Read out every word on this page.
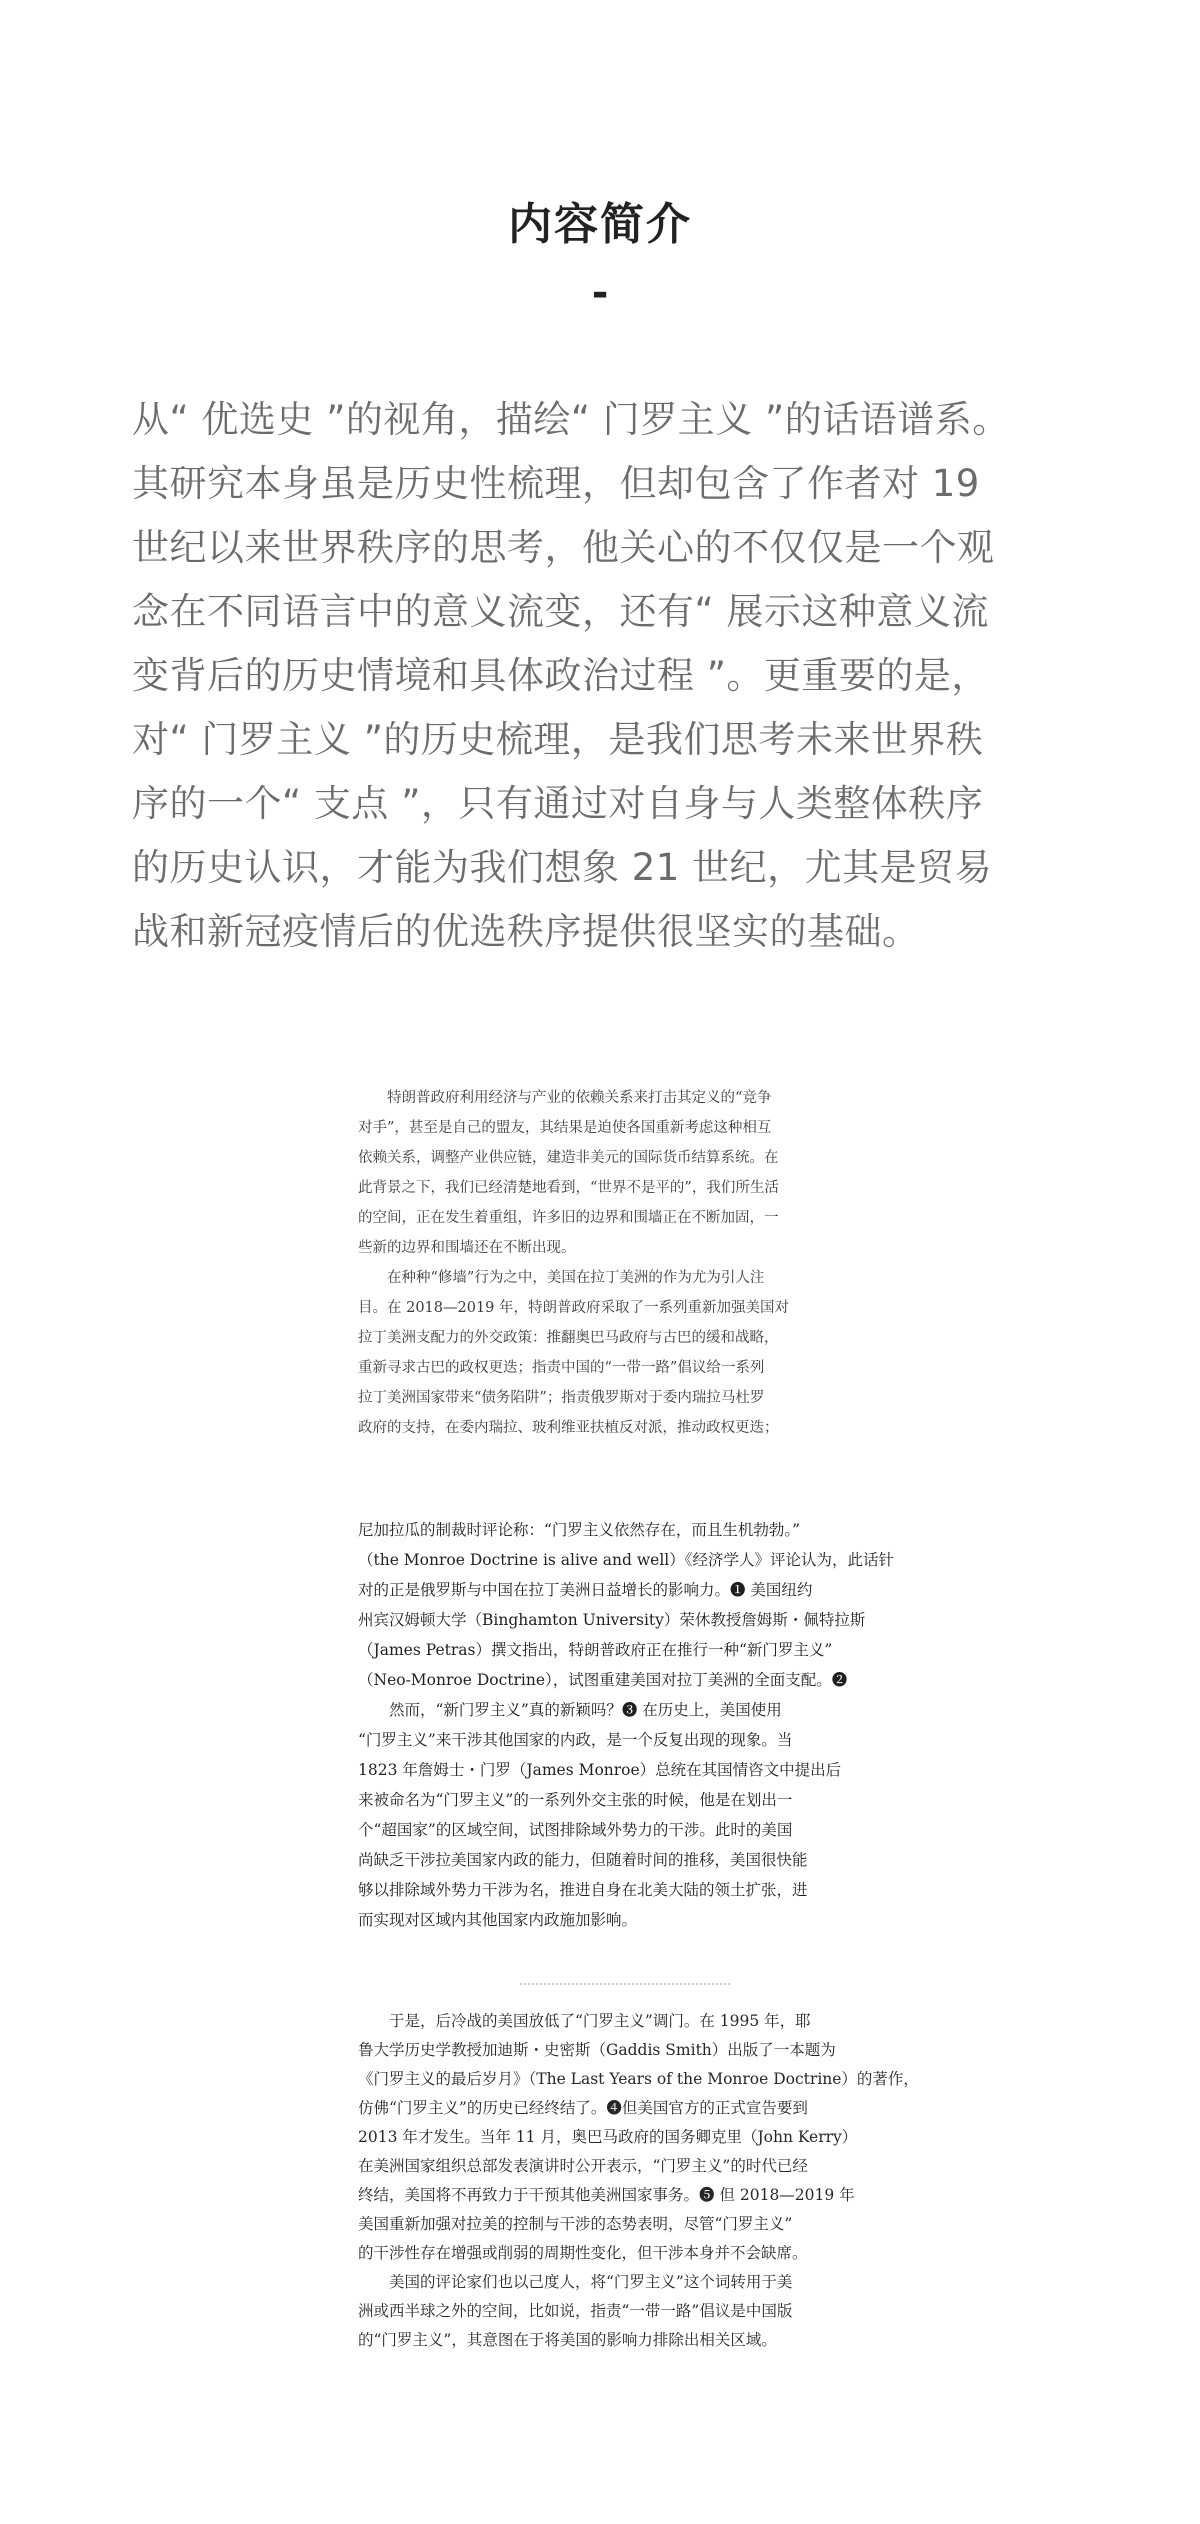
内容简介
-
从“ 优选史 ”的视角，描绘“ 门罗主义 ”的话语谱系。
其研究本身虽是历史性梳理，但却包含了作者对 19
世纪以来世界秩序的思考，他关心的不仅仅是一个观
念在不同语言中的意义流变，还有“ 展示这种意义流
变背后的历史情境和具体政治过程 ”。更重要的是，
对“ 门罗主义 ”的历史梳理，是我们思考未来世界秩
序的一个“ 支点 ”，只有通过对自身与人类整体秩序
的历史认识，才能为我们想象 21 世纪，尤其是贸易
战和新冠疫情后的优选秩序提供很坚实的基础。
　　特朗普政府利用经济与产业的依赖关系来打击其定义的“竞争
对手”，甚至是自己的盟友，其结果是迫使各国重新考虑这种相互
依赖关系，调整产业供应链，建造非美元的国际货币结算系统。在
此背景之下，我们已经清楚地看到，“世界不是平的”，我们所生活
的空间，正在发生着重组，许多旧的边界和围墙正在不断加固，一
些新的边界和围墙还在不断出现。
　　在种种“修墙”行为之中，美国在拉丁美洲的作为尤为引人注
目。在 2018—2019 年，特朗普政府采取了一系列重新加强美国对
拉丁美洲支配力的外交政策：推翻奥巴马政府与古巴的缓和战略，
重新寻求古巴的政权更迭；指责中国的“一带一路”倡议给一系列
拉丁美洲国家带来“债务陷阱”；指责俄罗斯对于委内瑞拉马杜罗
政府的支持，在委内瑞拉、玻利维亚扶植反对派，推动政权更迭；
尼加拉瓜的制裁时评论称：“门罗主义依然存在，而且生机勃勃。”
（the Monroe Doctrine is alive and well）《经济学人》评论认为，此话针
对的正是俄罗斯与中国在拉丁美洲日益增长的影响力。❶ 美国纽约
州宾汉姆顿大学（Binghamton University）荣休教授詹姆斯・佩特拉斯
（James Petras）撰文指出，特朗普政府正在推行一种“新门罗主义”
（Neo-Monroe Doctrine），试图重建美国对拉丁美洲的全面支配。❷
　　然而，“新门罗主义”真的新颖吗？❸ 在历史上，美国使用
“门罗主义”来干涉其他国家的内政，是一个反复出现的现象。当
1823 年詹姆士・门罗（James Monroe）总统在其国情咨文中提出后
来被命名为“门罗主义”的一系列外交主张的时候，他是在划出一
个“超国家”的区域空间，试图排除域外势力的干涉。此时的美国
尚缺乏干涉拉美国家内政的能力，但随着时间的推移，美国很快能
够以排除域外势力干涉为名，推进自身在北美大陆的领土扩张，进
而实现对区域内其他国家内政施加影响。
　　于是，后冷战的美国放低了“门罗主义”调门。在 1995 年，耶
鲁大学历史学教授加迪斯・史密斯（Gaddis Smith）出版了一本题为
《门罗主义的最后岁月》（The Last Years of the Monroe Doctrine）的著作，
仿佛“门罗主义”的历史已经终结了。❹但美国官方的正式宣告要到
2013 年才发生。当年 11 月，奥巴马政府的国务卿克里（John Kerry）
在美洲国家组织总部发表演讲时公开表示，“门罗主义”的时代已经
终结，美国将不再致力于干预其他美洲国家事务。❺ 但 2018—2019 年
美国重新加强对拉美的控制与干涉的态势表明，尽管“门罗主义”
的干涉性存在增强或削弱的周期性变化，但干涉本身并不会缺席。
　　美国的评论家们也以己度人，将“门罗主义”这个词转用于美
洲或西半球之外的空间，比如说，指责“一带一路”倡议是中国版
的“门罗主义”，其意图在于将美国的影响力排除出相关区域。
